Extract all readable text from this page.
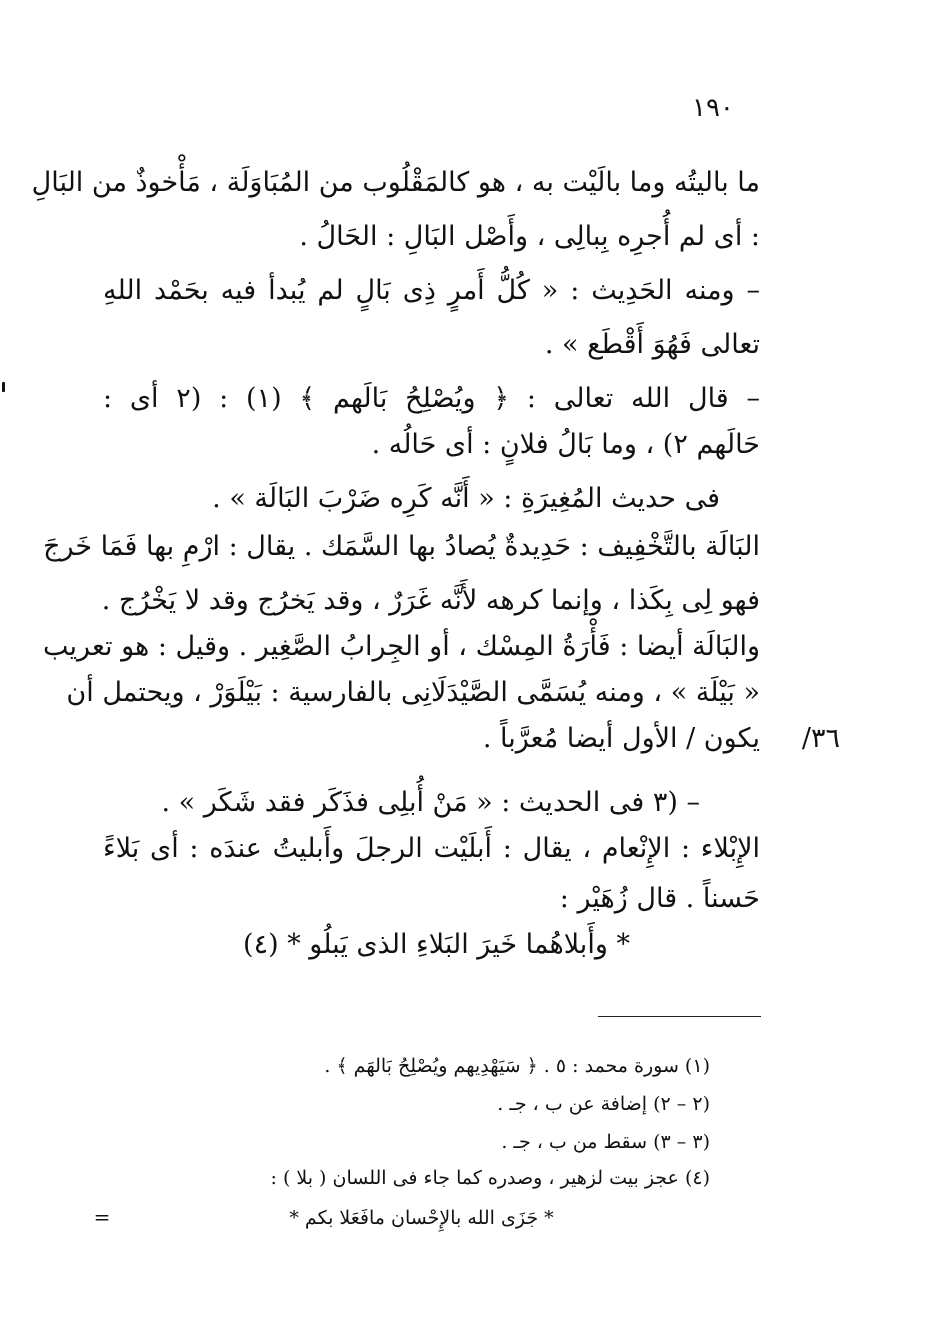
١٩٠
ما باليتُه وما بالَيْت به ، هو كالمَقْلُوب من المُبَاوَلَة ، مَأْخوذٌ من البَالِ
: أى لم أُجرِه بِبالِى ، وأَصْل البَالِ : الحَالُ .
– ومنه الحَدِيث : « كُلُّ أَمرٍ ذِى بَالٍ لم يُبدأ فيه بحَمْد اللهِ
تعالى فَهُوَ أَقْطَع » .
– قال الله تعالى : ﴿ ويُصْلِحُ بَالَهم ﴾ (١) : (٢ أى :
حَالَهم ٢) ، وما بَالُ فلانٍ : أى حَالُه .
فى حديث المُغِيرَةِ : « أَنَّه كَرِه ضَرْبَ البَالَة » .
البَالَة بالتَّخْفِيف : حَدِيدةٌ يُصادُ بها السَّمَك . يقال : ارْمِ بها فَمَا خَرجَ
فهو لِى بِكَذا ، وإنما كرهه لأَنَّه غَرَرٌ ، وقد يَخرُج وقد لا يَخْرُج .
والبَالَة أيضا : فَأْرَةُ المِسْك ، أو الجِرابُ الصَّغِير . وقيل : هو تعريب
« بَيْلَة » ، ومنه يُسَمَّى الصَّيْدَلَانِى بالفارسية : بَيْلَوَرْ ، ويحتمل أن
٣٦/
يكون / الأول أيضا مُعرَّباً .
– (٣ فى الحديث : « مَنْ أُبلِى فذَكَر فقد شَكَر » .
الإِبْلاء : الإِنْعام ، يقال : أَبلَيْت الرجلَ وأَبليتُ عندَه : أى بَلاءً
حَسناً . قال زُهَيْر :
* وأَبلاهُما خَيرَ البَلاءِ الذى يَبلُو * (٤)
(١) سورة محمد : ٥ . ﴿ سَيَهْدِيهم ويُصْلِحُ بَالهَم ﴾ .
(٢ – ٢) إضافة عن ب ، جـ .
(٣ – ٣) سقط من ب ، جـ .
(٤) عجز بيت لزهير ، وصدره كما جاء فى اللسان ( بلا ) :
* جَزَى الله بالإِحْسان مافَعَلا بكم *
=
